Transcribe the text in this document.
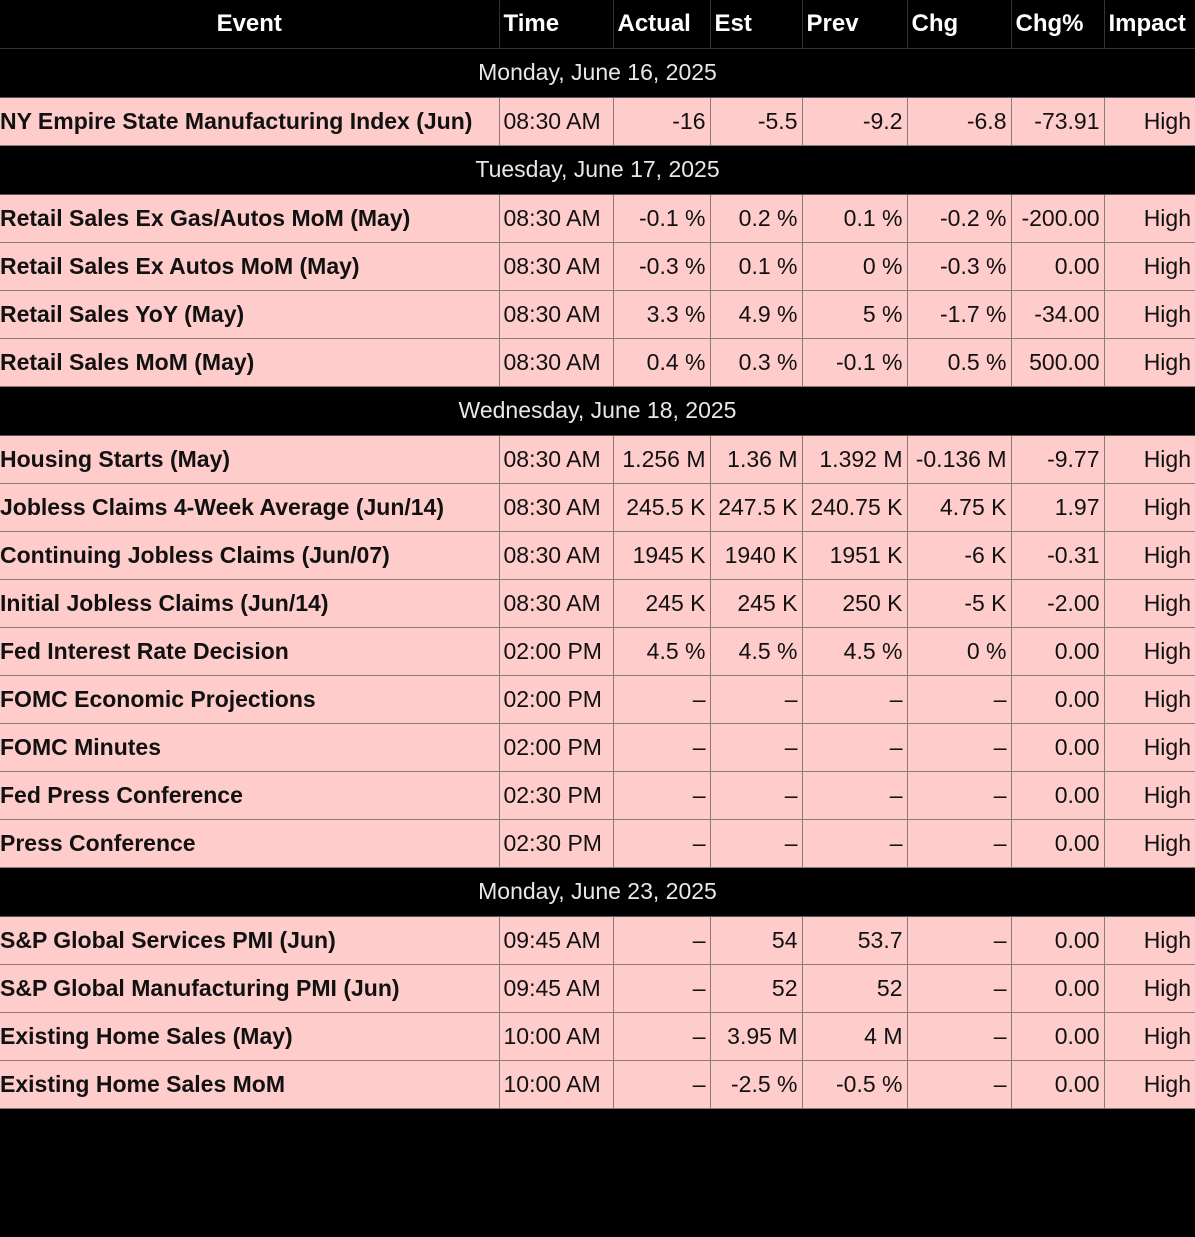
Event	Time	Actual	Est	Prev	Chg	Chg%	Impact
Monday, June 16, 2025							
NY Empire State Manufacturing Index (Jun)	08:30 AM	-16	-5.5	-9.2	-6.8	-73.91	High
Tuesday, June 17, 2025							
Retail Sales Ex Gas/Autos MoM (May)	08:30 AM	-0.1 %	0.2 %	0.1 %	-0.2 %	-200.00	High
Retail Sales Ex Autos MoM (May)	08:30 AM	-0.3 %	0.1 %	0 %	-0.3 %	0.00	High
Retail Sales YoY (May)	08:30 AM	3.3 %	4.9 %	5 %	-1.7 %	-34.00	High
Retail Sales MoM (May)	08:30 AM	0.4 %	0.3 %	-0.1 %	0.5 %	500.00	High
Wednesday, June 18, 2025							
Housing Starts (May)	08:30 AM	1.256 M	1.36 M	1.392 M	-0.136 M	-9.77	High
Jobless Claims 4-Week Average (Jun/14)	08:30 AM	245.5 K	247.5 K	240.75 K	4.75 K	1.97	High
Continuing Jobless Claims (Jun/07)	08:30 AM	1945 K	1940 K	1951 K	-6 K	-0.31	High
Initial Jobless Claims (Jun/14)	08:30 AM	245 K	245 K	250 K	-5 K	-2.00	High
Fed Interest Rate Decision	02:00 PM	4.5 %	4.5 %	4.5 %	0 %	0.00	High
FOMC Economic Projections	02:00 PM	–	–	–	–	0.00	High
FOMC Minutes	02:00 PM	–	–	–	–	0.00	High
Fed Press Conference	02:30 PM	–	–	–	–	0.00	High
Press Conference	02:30 PM	–	–	–	–	0.00	High
Monday, June 23, 2025							
S&P Global Services PMI (Jun)	09:45 AM	–	54	53.7	–	0.00	High
S&P Global Manufacturing PMI (Jun)	09:45 AM	–	52	52	–	0.00	High
Existing Home Sales (May)	10:00 AM	–	3.95 M	4 M	–	0.00	High
Existing Home Sales MoM	10:00 AM	–	-2.5 %	-0.5 %	–	0.00	High
